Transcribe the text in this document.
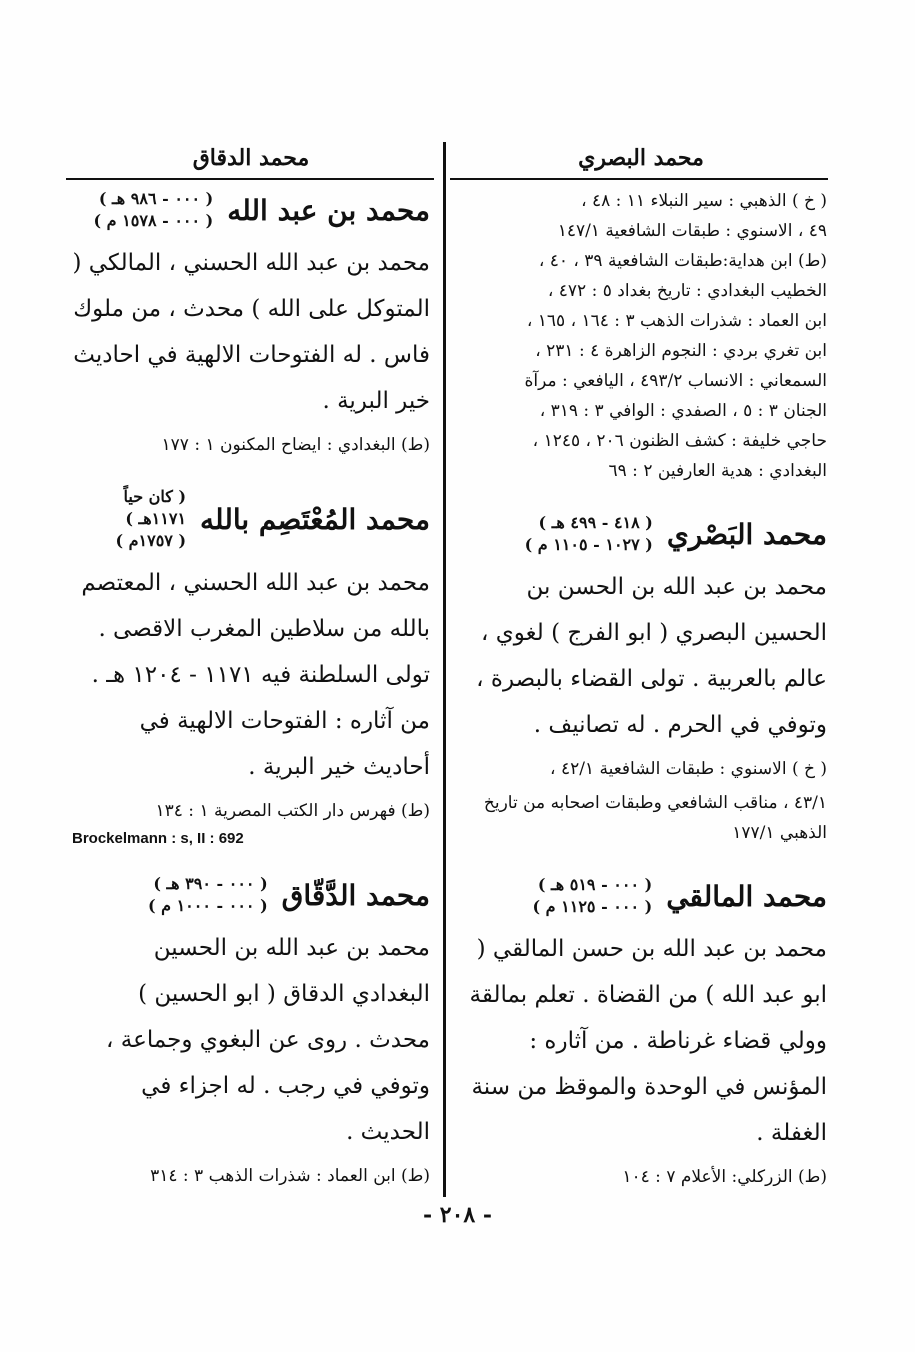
محمد البصري

( خ ) الذهبي : سير النبلاء ١١ : ٤٨ ،

٤٩ ، الاسنوي : طبقات الشافعية ١٤٧/١

(ط) ابن هداية:طبقات الشافعية ٣٩ ، ٤٠ ،

الخطيب البغدادي : تاريخ بغداد ٥ : ٤٧٢ ،

ابن العماد : شذرات الذهب ٣ : ١٦٤ ، ١٦٥ ،

ابن تغري بردي : النجوم الزاهرة ٤ : ٢٣١ ،

السمعاني : الانساب ٤٩٣/٢ ، اليافعي : مرآة

الجنان ٣ : ٥ ، الصفدي : الوافي ٣ : ٣١٩ ،

حاجي خليفة : كشف الظنون ٢٠٦ ، ١٢٤٥ ،

البغدادي : هدية العارفين ٢ : ٦٩

محمد البَصْري
( ٤١٨ - ٤٩٩ هـ )
( ١٠٢٧ - ١١٠٥ م )

محمد بن عبد الله بن الحسن بن الحسين البصري ( ابو الفرج ) لغوي ، عالم بالعربية . تولى القضاء بالبصرة ، وتوفي في الحرم . له تصانيف .

( خ ) الاسنوي : طبقات الشافعية ٤٢/١ ،

٤٣/١ ، مناقب الشافعي وطبقات اصحابه من تاريخ الذهبي ١٧٧/١

محمد المالقي
( ٠٠٠ - ٥١٩ هـ )
( ٠٠٠ - ١١٢٥ م )

محمد بن عبد الله بن حسن المالقي ( ابو عبد الله ) من القضاة . تعلم بمالقة وولي قضاء غرناطة . من آثاره : المؤنس في الوحدة والموقظ من سنة الغفلة .

(ط) الزركلي: الأعلام ٧ : ١٠٤

محمد الدقاق
محمد بن عبد الله
( ٠٠٠ - ٩٨٦ هـ )
( ٠٠٠ - ١٥٧٨ م )

محمد بن عبد الله الحسني ، المالكي ( المتوكل على الله ) محدث ، من ملوك فاس . له الفتوحات الالهية في احاديث خير البرية .

(ط) البغدادي : ايضاح المكنون ١ : ١٧٧

محمد المُعْتَصِم بالله
( كان حياً ١١٧١هـ )
( ١٧٥٧م )

محمد بن عبد الله الحسني ، المعتصم بالله من سلاطين المغرب الاقصى . تولى السلطنة فيه ١١٧١ - ١٢٠٤ هـ . من آثاره : الفتوحات الالهية في أحاديث خير البرية .

(ط) فهرس دار الكتب المصرية ١ : ١٣٤

Brockelmann : s, II : 692
محمد الدَّقّاق
( ٠٠٠ - ٣٩٠ هـ )
( ٠٠٠ - ١٠٠٠ م )

محمد بن عبد الله بن الحسين البغدادي الدقاق ( ابو الحسين ) محدث . روى عن البغوي وجماعة ، وتوفي في رجب . له اجزاء في الحديث .

(ط) ابن العماد : شذرات الذهب ٣ : ٣١٤

- ٢٠٨ -
